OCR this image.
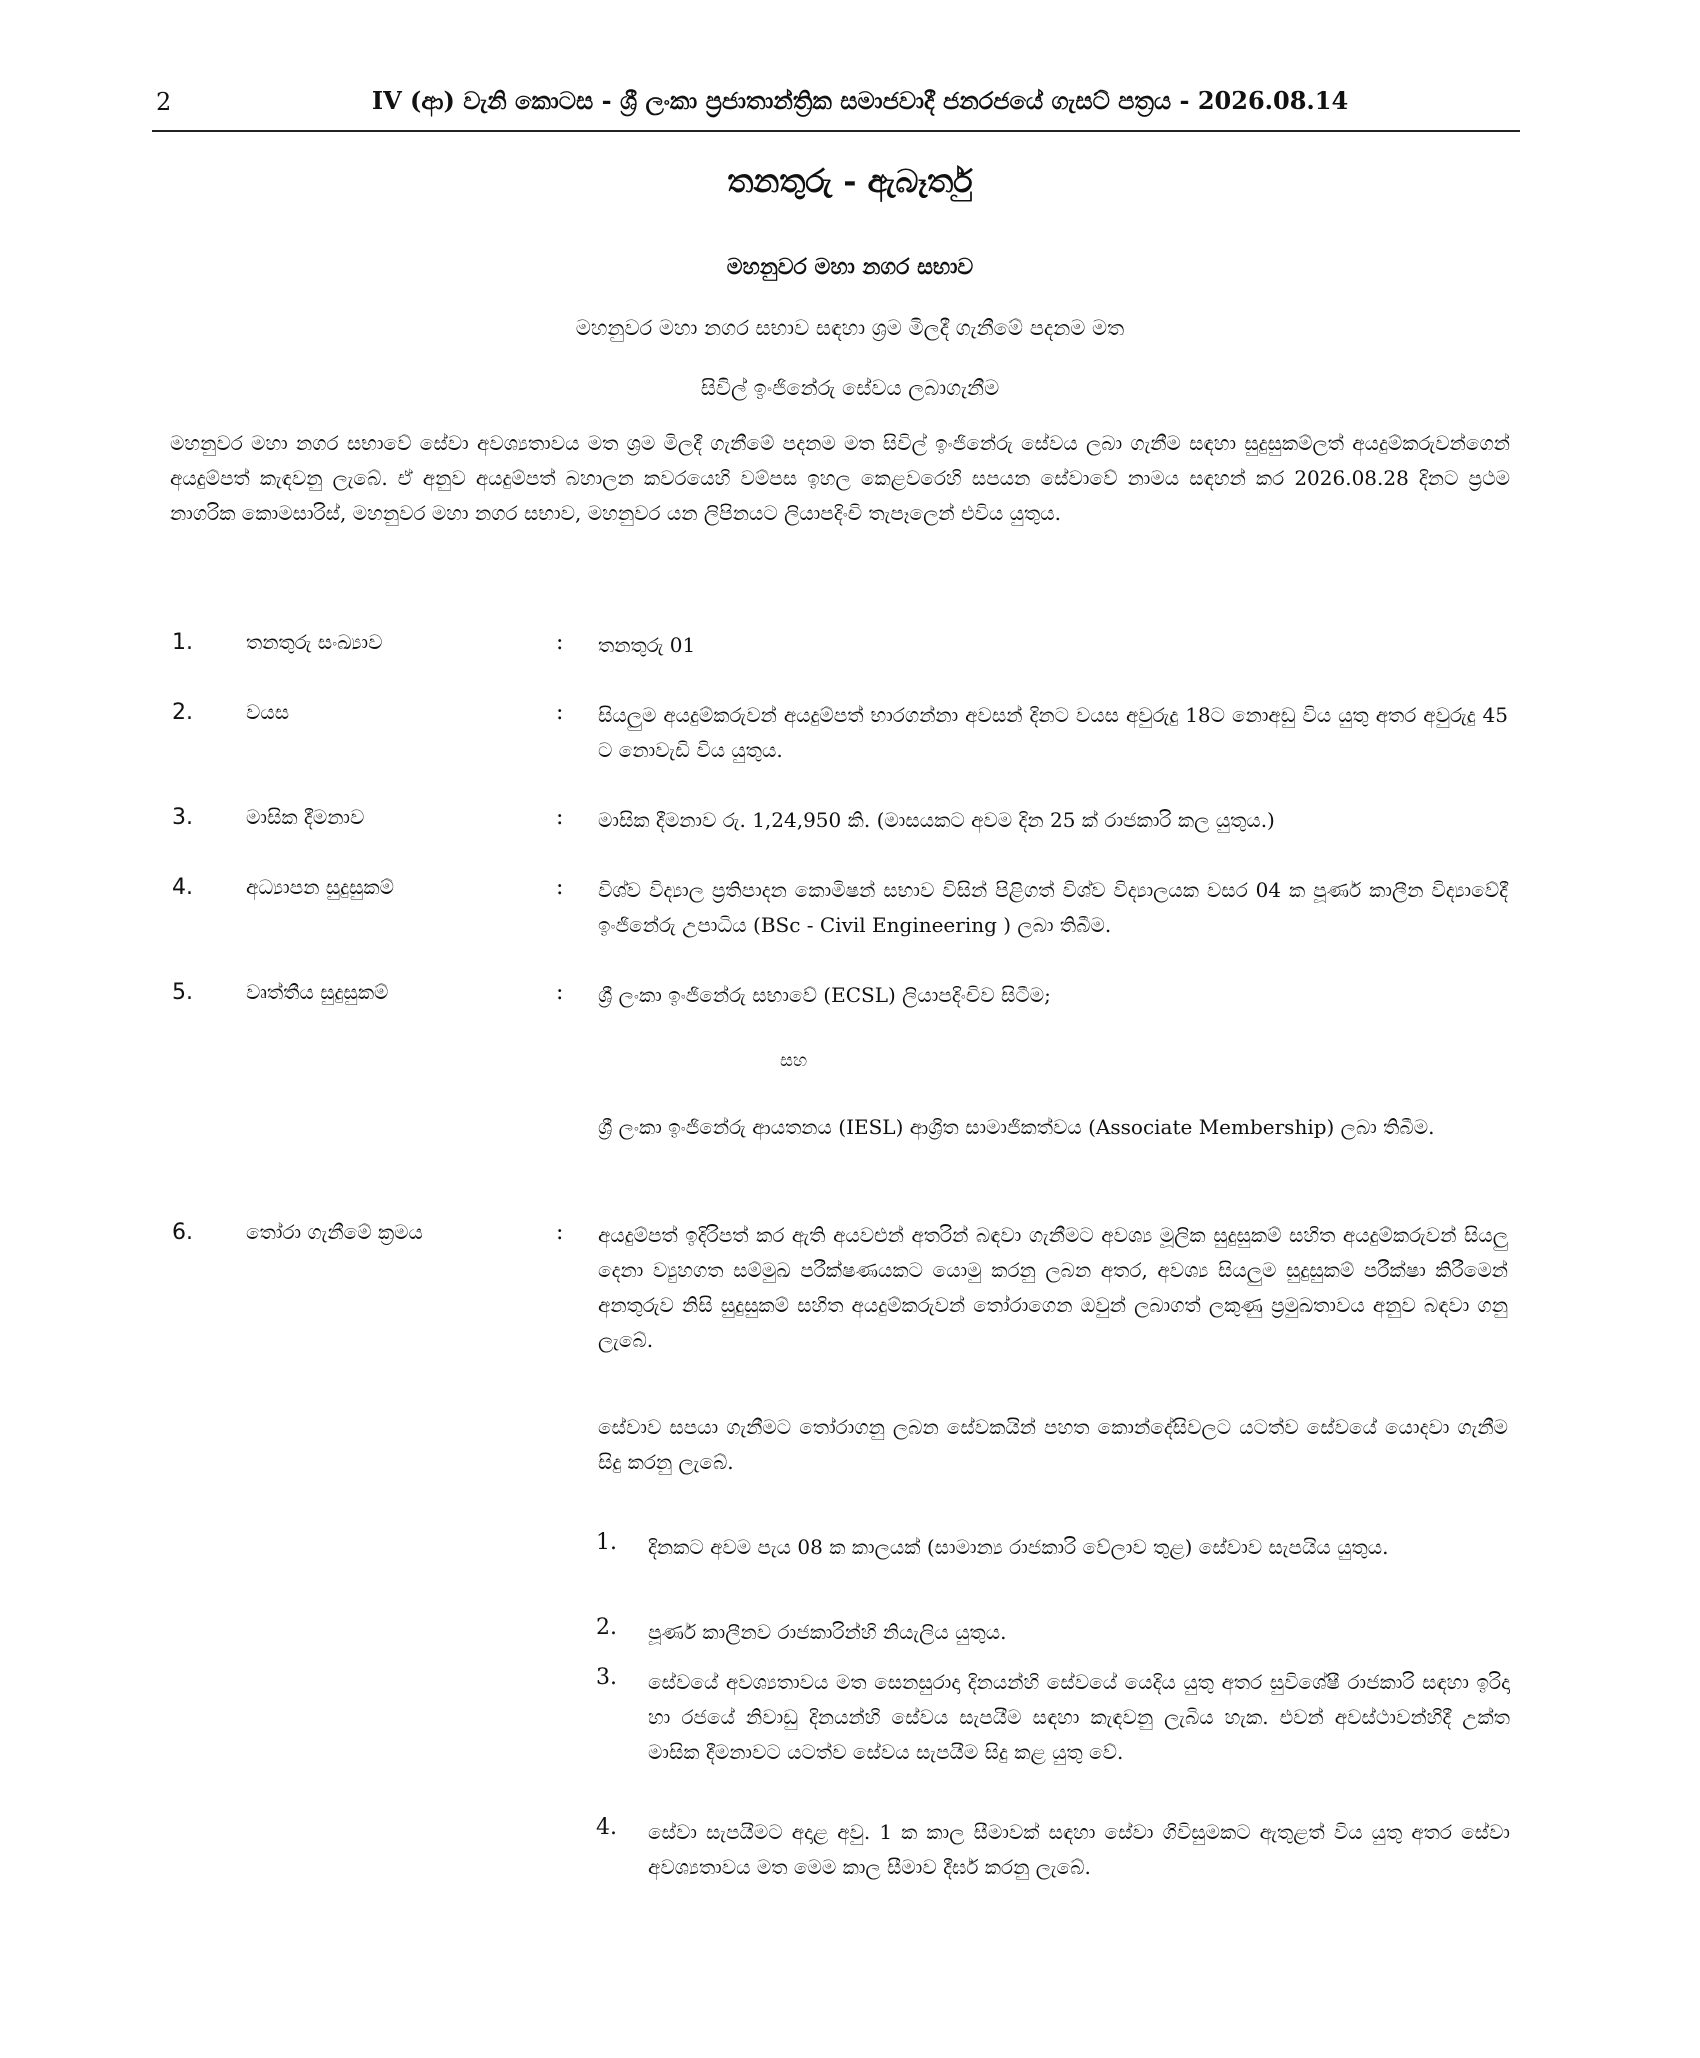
2	IV (ආ) වැනි කොටස - ශ්‍රී ලංකා ප්‍රජාතාන්ත්‍රික සමාජවාදී ජනරජයේ ගැසට් පත්‍රය - 2026.08.14
තනතුරු - ඇබෑර්තු
මහනුවර මහා නගර සභාව
මහනුවර මහා නගර සභාව සඳහා ශ්‍රම මිලදී ගැනීමේ පදනම මත
සිවිල් ඉංජිනේරු සේවය ලබාගැනීම

මහනුවර මහා නගර සභාවේ සේවා අවශ්‍යතාවය මත ශ්‍රම මිලදී ගැනීමේ පදනම මත සිවිල් ඉංජිනේරු සේවය ලබා ගැනීම සඳහා සුදුසුකම්ලත් අයදුම්කරුවන්ගෙන් අයදුම්පත් කැඳවනු ලැබේ. ඒ අනුව අයදුම්පත් බහාලන කවරයෙහි වම්පස ඉහල කෙළවරෙහි සපයන සේවාවේ නාමය සඳහන් කර 2026.08.28 දිනට ප්‍රථම නාගරික කොමසාරිස්, මහනුවර මහා නගර සභාව, මහනුවර යන ලිපිනයට ලියාපදිංචි තැපෑලෙන් එවිය යුතුය.

1.	තනතුරු සංඛ්‍යාව	: තනතුරු 01

2.	වයස	: සියලුම අයදුම්කරුවන් අයදුම්පත් භාරගන්නා අවසන් දිනට වයස අවුරුදු 18ට නොඅඩු විය යුතු අතර අවුරුදු 45 ට නොවැඩි විය යුතුය.

3.	මාසික දීමනාව	: මාසික දීමනාව රු. 1,24,950 කි. (මාසයකට අවම දින 25 ක් රාජකාරි කල යුතුය.)

4.	අධ්‍යාපන සුදුසුකම්	: විශ්ව විද්‍යාල ප්‍රතිපාදන කොමිෂන් සභාව විසින් පිළිගත් විශ්ව විද්‍යාලයක වසර 04 ක පූර්ණ කාලීන විද්‍යාවේදී ඉංජිනේරු උපාධිය (BSc - Civil Engineering ) ලබා තිබීම.

5.	වෘත්තීය සුදුසුකම්	: ශ්‍රී ලංකා ඉංජිනේරු සභාවේ (ECSL) ලියාපදිංචිව සිටීම;

සහ

ශ්‍රී ලංකා ඉංජිනේරු ආයතනය (IESL) ආශ්‍රිත සාමාජිකත්වය (Associate Membership) ලබා තිබීම.

6.	තෝරා ගැනීමේ ක්‍රමය	: අයදුම්පත් ඉදිරිපත් කර ඇති අයවළුන් අතරින් බඳවා ගැනීමට අවශ්‍ය මූලික සුදුසුකම් සහිත අයදුම්කරුවන් සියලු දෙනා ව්‍යුහගත සම්මුඛ පරීක්ෂණයකට යොමු කරනු ලබන අතර, අවශ්‍ය සියලුම සුදුසුකම් පරීක්ෂා කිරීමෙන් අනතුරුව නිසි සුදුසුකම් සහිත අයදුම්කරුවන් තෝරාගෙන ඔවුන් ලබාගත් ලකුණු ප්‍රමුඛතාවය අනුව බඳවා ගනු ලැබේ.

සේවාව සපයා ගැනීමට තෝරාගනු ලබන සේවකයින් පහත කොන්දේසිවලට යටත්ව සේවයේ යොදවා ගැනීම සිදු කරනු ලැබේ.

1. දිනකට අවම පැය 08 ක කාලයක් (සාමාන්‍ය රාජකාරි වේලාව තුළ) සේවාව සැපයිය යුතුය.

2. පූර්ණ කාලීනව රාජකාරින්හි නියැලිය යුතුය.

3. සේවයේ අවශ්‍යතාවය මත සෙනසුරාදා දිනයන්හි සේවයේ යෙදිය යුතු අතර සුවිශේෂී රාජකාරි සඳහා ඉරිදා හා රජයේ නිවාඩු දිනයන්හි සේවය සැපයීම සඳහා කැඳවනු ලැබිය හැක. එවන් අවස්ථාවන්හිදී උක්ත මාසික දීමනාවට යටත්ව සේවය සැපයීම සිදු කළ යුතු වේ.

4. සේවා සැපයීමට අදාළ අවු. 1 ක කාල සීමාවක් සඳහා සේවා ගිවිසුමකට ඇතුළත් විය යුතු අතර සේවා අවශ්‍යතාවය මත මෙම කාල සීමාව දීර්ඝ කරනු ලැබේ.
